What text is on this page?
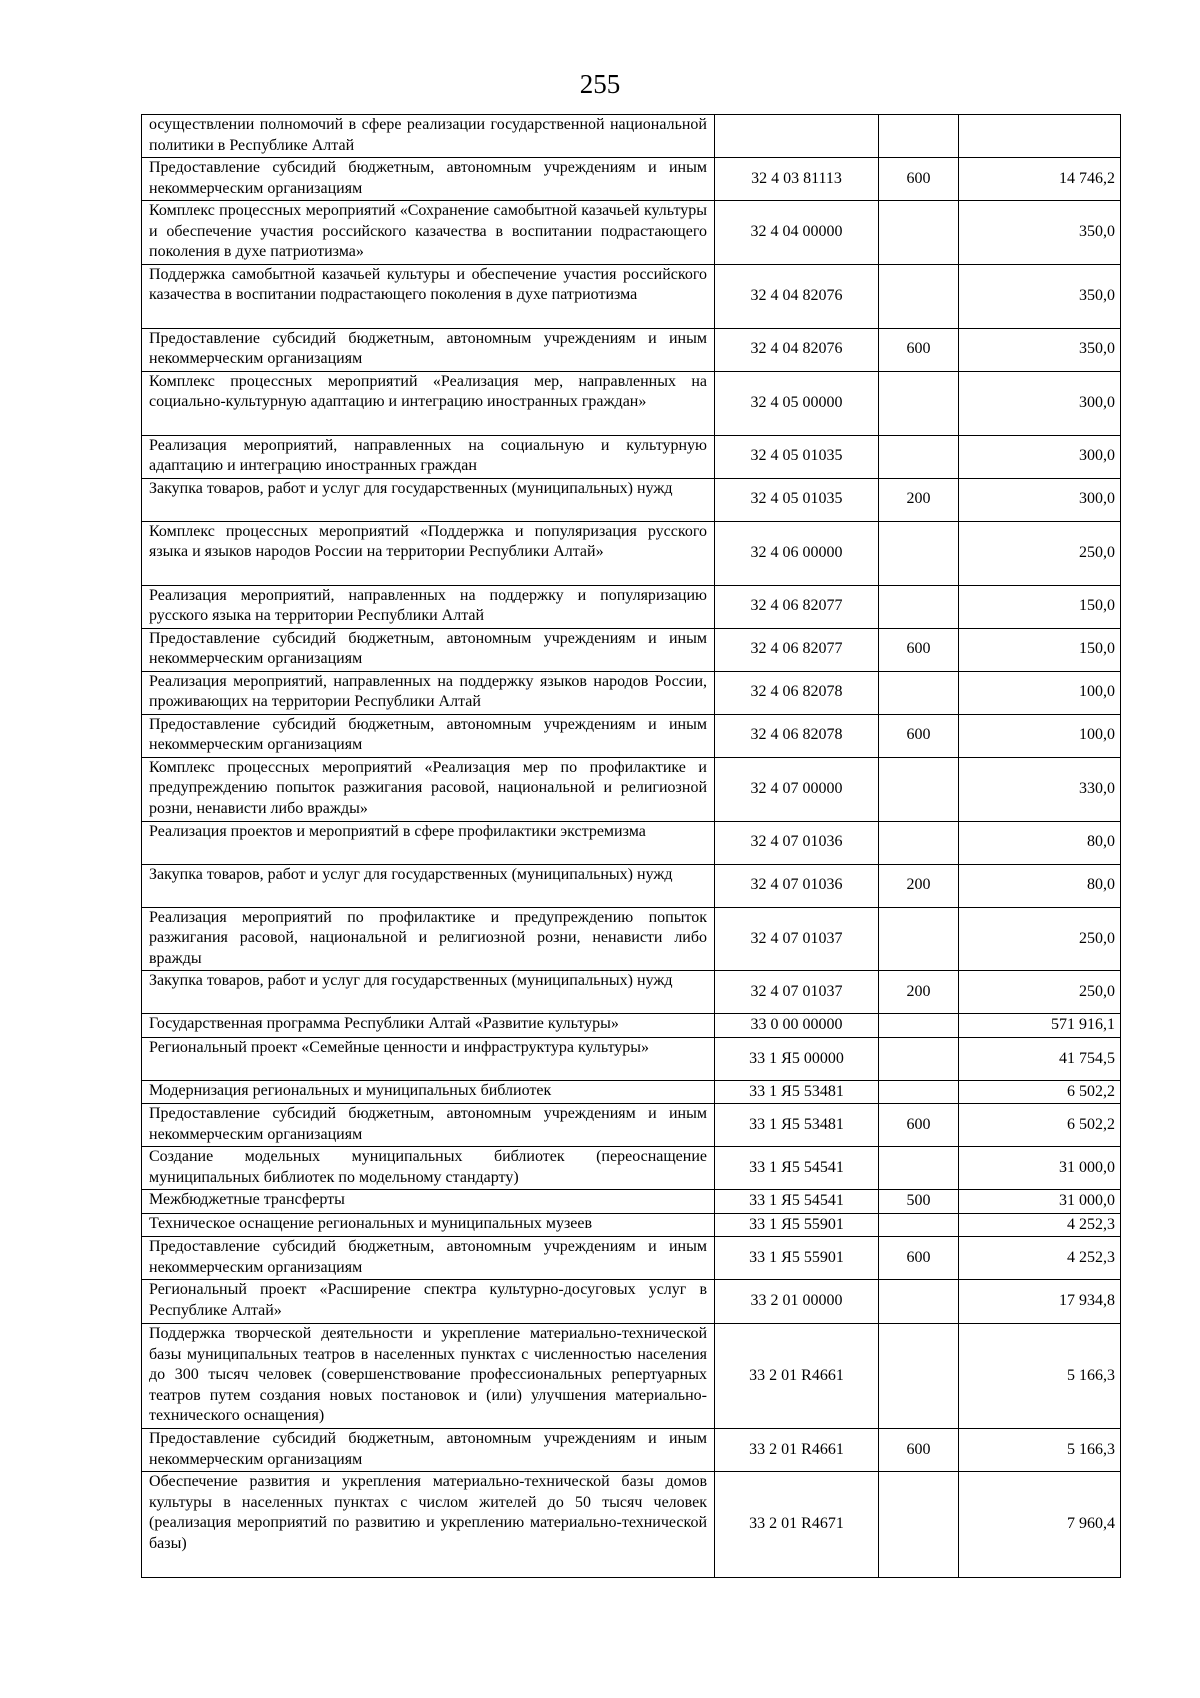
255
осуществлении полномочий в сфере реализации государственной национальной политики в Республике Алтай			
Предоставление субсидий бюджетным, автономным учреждениям и иным некоммерческим организациям	32 4 03 81113	600	14 746,2
Комплекс процессных мероприятий «Сохранение самобытной казачьей культуры и обеспечение участия российского казачества в воспитании подрастающего поколения в духе патриотизма»	32 4 04 00000		350,0
Поддержка самобытной казачьей культуры и обеспечение участия российского казачества в воспитании подрастающего поколения в духе патриотизма	32 4 04 82076		350,0
Предоставление субсидий бюджетным, автономным учреждениям и иным некоммерческим организациям	32 4 04 82076	600	350,0
Комплекс процессных мероприятий «Реализация мер, направленных на социально-культурную адаптацию и интеграцию иностранных граждан»	32 4 05 00000		300,0
Реализация мероприятий, направленных на социальную и культурную адаптацию и интеграцию иностранных граждан	32 4 05 01035		300,0
Закупка товаров, работ и услуг для государственных (муниципальных) нужд	32 4 05 01035	200	300,0
Комплекс процессных мероприятий «Поддержка и популяризация русского языка и языков народов России на территории Республики Алтай»	32 4 06 00000		250,0
Реализация мероприятий, направленных на поддержку и популяризацию русского языка на территории Республики Алтай	32 4 06 82077		150,0
Предоставление субсидий бюджетным, автономным учреждениям и иным некоммерческим организациям	32 4 06 82077	600	150,0
Реализация мероприятий, направленных на поддержку языков народов России, проживающих на территории Республики Алтай	32 4 06 82078		100,0
Предоставление субсидий бюджетным, автономным учреждениям и иным некоммерческим организациям	32 4 06 82078	600	100,0
Комплекс процессных мероприятий «Реализация мер по профилактике и предупреждению попыток разжигания расовой, национальной и религиозной розни, ненависти либо вражды»	32 4 07 00000		330,0
Реализация проектов и мероприятий в сфере профилактики экстремизма	32 4 07 01036		80,0
Закупка товаров, работ и услуг для государственных (муниципальных) нужд	32 4 07 01036	200	80,0
Реализация мероприятий по профилактике и предупреждению попыток разжигания расовой, национальной и религиозной розни, ненависти либо вражды	32 4 07 01037		250,0
Закупка товаров, работ и услуг для государственных (муниципальных) нужд	32 4 07 01037	200	250,0
Государственная программа Республики Алтай «Развитие культуры»	33 0 00 00000		571 916,1
Региональный проект «Семейные ценности и инфраструктура культуры»	33 1 Я5 00000		41 754,5
Модернизация региональных и муниципальных библиотек	33 1 Я5 53481		6 502,2
Предоставление субсидий бюджетным, автономным учреждениям и иным некоммерческим организациям	33 1 Я5 53481	600	6 502,2
Создание модельных муниципальных библиотек (переоснащение муниципальных библиотек по модельному стандарту)	33 1 Я5 54541		31 000,0
Межбюджетные трансферты	33 1 Я5 54541	500	31 000,0
Техническое оснащение региональных и муниципальных музеев	33 1 Я5 55901		4 252,3
Предоставление субсидий бюджетным, автономным учреждениям и иным некоммерческим организациям	33 1 Я5 55901	600	4 252,3
Региональный проект «Расширение спектра культурно-досуговых услуг в Республике Алтай»	33 2 01 00000		17 934,8
Поддержка творческой деятельности и укрепление материально-технической базы муниципальных театров в населенных пунктах с численностью населения до 300 тысяч человек (совершенствование профессиональных репертуарных театров путем создания новых постановок и (или) улучшения материально-технического оснащения)	33 2 01 R4661		5 166,3
Предоставление субсидий бюджетным, автономным учреждениям и иным некоммерческим организациям	33 2 01 R4661	600	5 166,3
Обеспечение развития и укрепления материально-технической базы домов культуры в населенных пунктах с числом жителей до 50 тысяч человек (реализация мероприятий по развитию и укреплению материально-технической базы)	33 2 01 R4671		7 960,4
